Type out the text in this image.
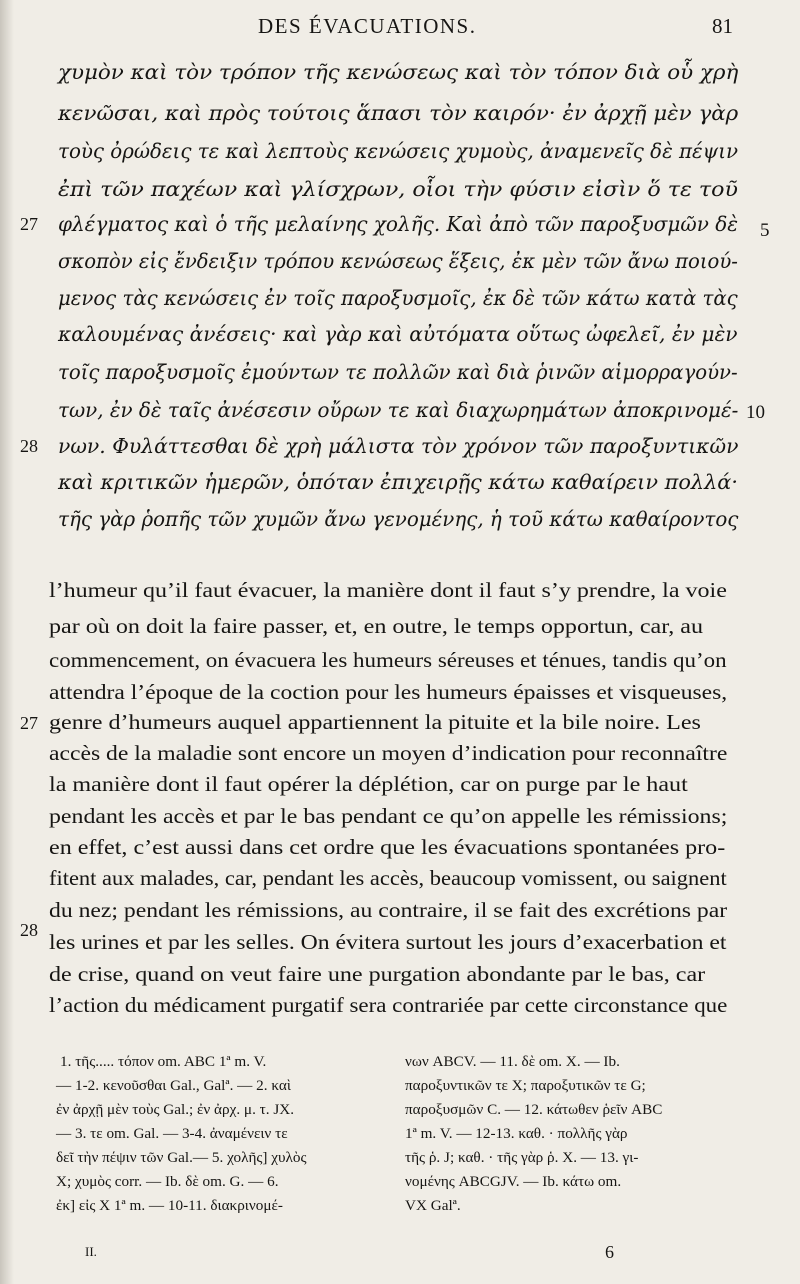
DES ÉVACUATIONS.	81
χυμὸν καὶ τὸν τρόπον τῆς κενώσεως καὶ τὸν τόπον διὰ οὗ χρὴ
κενῶσαι, καὶ πρὸς τούτοις ἅπασι τὸν καιρόν· ἐν ἀρχῇ μὲν γὰρ
τοὺς ὀρώδεις τε καὶ λεπτοὺς κενώσεις χυμοὺς, ἀναμενεῖς δὲ πέψιν
ἐπὶ τῶν παχέων καὶ γλίσχρων, οἷοι τὴν φύσιν εἰσὶν ὅ τε τοῦ
φλέγματος καὶ ὁ τῆς μελαίνης χολῆς. Καὶ ἀπὸ τῶν παροξυσμῶν δὲ
σκοπὸν εἰς ἔνδειξιν τρόπου κενώσεως ἕξεις, ἐκ μὲν τῶν ἄνω ποιού-
μενος τὰς κενώσεις ἐν τοῖς παροξυσμοῖς, ἐκ δὲ τῶν κάτω κατὰ τὰς
καλουμένας ἀνέσεις· καὶ γὰρ καὶ αὐτόματα οὕτως ὠφελεῖ, ἐν μὲν
τοῖς παροξυσμοῖς ἐμούντων τε πολλῶν καὶ διὰ ῥινῶν αἱμορραγούν-
των, ἐν δὲ ταῖς ἀνέσεσιν οὔρων τε καὶ διαχωρημάτων ἀποκρινομέ-
νων. Φυλάττεσθαι δὲ χρὴ μάλιστα τὸν χρόνον τῶν παροξυντικῶν
καὶ κριτικῶν ἡμερῶν, ὁπόταν ἐπιχειρῇς κάτω καθαίρειν πολλά·
τῆς γὰρ ῥοπῆς τῶν χυμῶν ἄνω γενομένης, ἡ τοῦ κάτω καθαίροντος
27
28
5
10
l’humeur qu’il faut évacuer, la manière dont il faut s’y prendre, la voie
par où on doit la faire passer, et, en outre, le temps opportun, car, au
commencement, on évacuera les humeurs séreuses et ténues, tandis qu’on
attendra l’époque de la coction pour les humeurs épaisses et visqueuses,
genre d’humeurs auquel appartiennent la pituite et la bile noire. Les
accès de la maladie sont encore un moyen d’indication pour reconnaître
la manière dont il faut opérer la déplétion, car on purge par le haut
pendant les accès et par le bas pendant ce qu’on appelle les rémissions;
en effet, c’est aussi dans cet ordre que les évacuations spontanées pro-
fitent aux malades, car, pendant les accès, beaucoup vomissent, ou saignent
du nez; pendant les rémissions, au contraire, il se fait des excrétions par
les urines et par les selles. On évitera surtout les jours d’exacerbation et
de crise, quand on veut faire une purgation abondante par le bas, car
l’action du médicament purgatif sera contrariée par cette circonstance que
27
28
1. τῆς..... τόπον om. ABC 1ª m. V.
— 1-2. κενοῦσθαι Gal., Galª. — 2. καὶ
ἐν ἀρχῇ μὲν τοὺς Gal.; ἐν ἀρχ. μ. τ. JX.
— 3. τε om. Gal. — 3-4. ἀναμένειν τε
δεῖ τὴν πέψιν τῶν Gal.— 5. χολῆς] χυλὸς
X; χυμὸς corr. — Ib. δὲ om. G. — 6.
ἐκ] εἰς X 1ª m. — 10-11. διακρινομέ-
νων ABCV. — 11. δὲ om. X. — Ib.
παροξυντικῶν τε X; παροξυτικῶν τε G;
παροξυσμῶν C. — 12. κάτωθεν ῥεῖν ABC
1ª m. V. — 12-13. καθ. · πολλῆς γὰρ
τῆς ῥ. J; καθ. · τῆς γὰρ ῥ. X. — 13. γι-
νομένης ABCGJV. — Ib. κάτω om.
VX Galª.
II.	6
